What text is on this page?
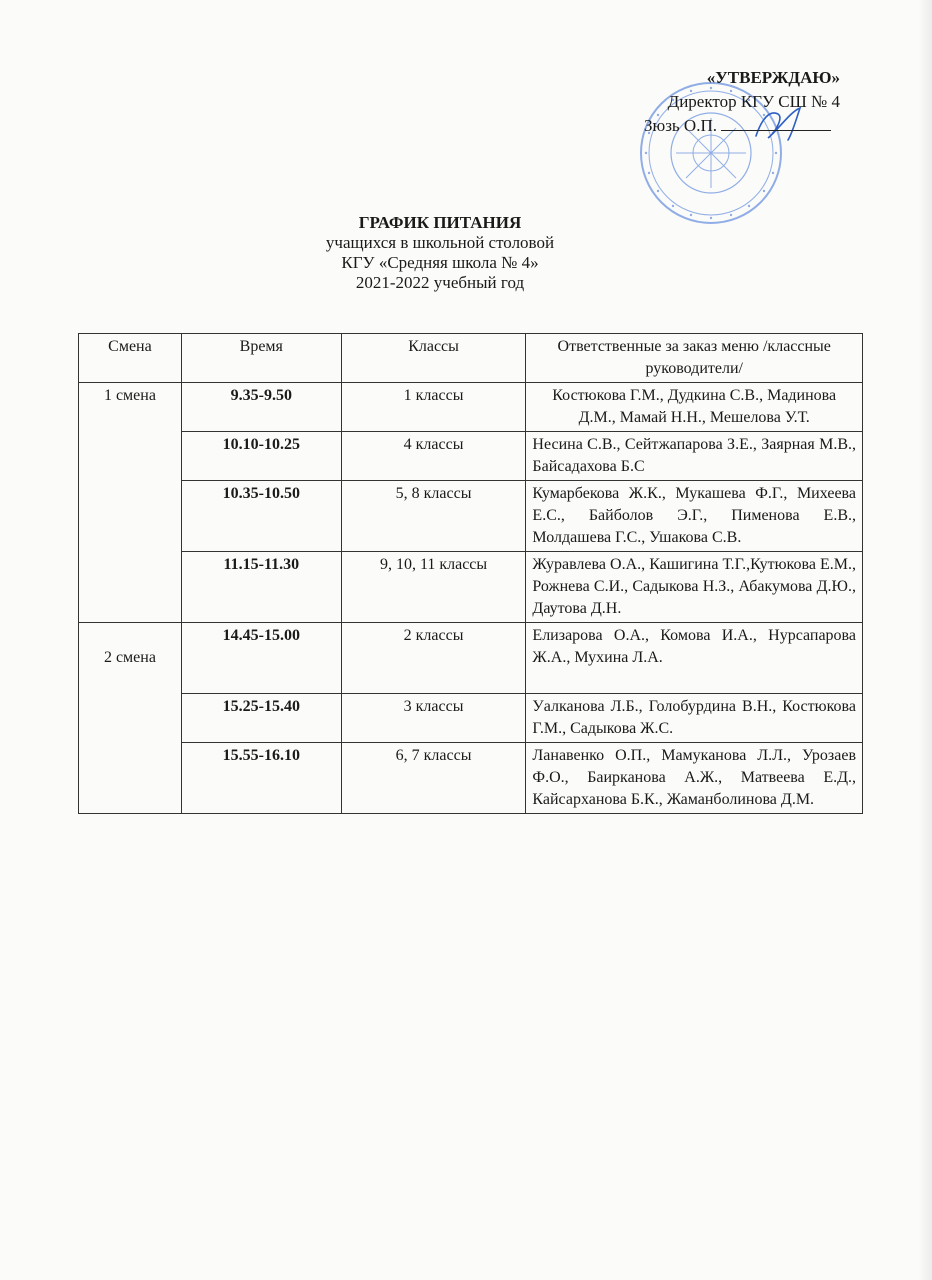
«УТВЕРЖДАЮ»
Директор КГУ СШ № 4
Зюзь О.П.
ГРАФИК ПИТАНИЯ
учащихся в школьной столовой
КГУ «Средняя школа № 4»
2021-2022 учебный год
Смена	Время	Классы	Ответственные за заказ меню /классные руководители/
1 смена	9.35-9.50	1 классы	Костюкова Г.М., Дудкина С.В., Мадинова Д.М., Мамай Н.Н., Мешелова У.Т.
	10.10-10.25	4 классы	Несина С.В., Сейтжапарова З.Е., Заярная М.В., Байсадахова Б.С
	10.35-10.50	5, 8 классы	Кумарбекова Ж.К., Мукашева Ф.Г., Михеева Е.С., Байболов Э.Г., Пименова Е.В., Молдашева Г.С., Ушакова С.В.
	11.15-11.30	9, 10, 11 классы	Журавлева О.А., Кашигина Т.Г.,Кутюкова Е.М., Рожнева С.И., Садыкова Н.З., Абакумова Д.Ю., Даутова Д.Н.

2 смена	14.45-15.00	2 классы	Елизарова О.А., Комова И.А., Нурсапарова Ж.А., Мухина Л.А.
	15.25-15.40	3 классы	Уалканова Л.Б., Голобурдина В.Н., Костюкова Г.М., Садыкова Ж.С.
	15.55-16.10	6, 7 классы	Ланавенко О.П., Мамуканова Л.Л., Урозаев Ф.О., Баирканова А.Ж., Матвеева Е.Д., Кайсарханова Б.К., Жаманболинова Д.М.
